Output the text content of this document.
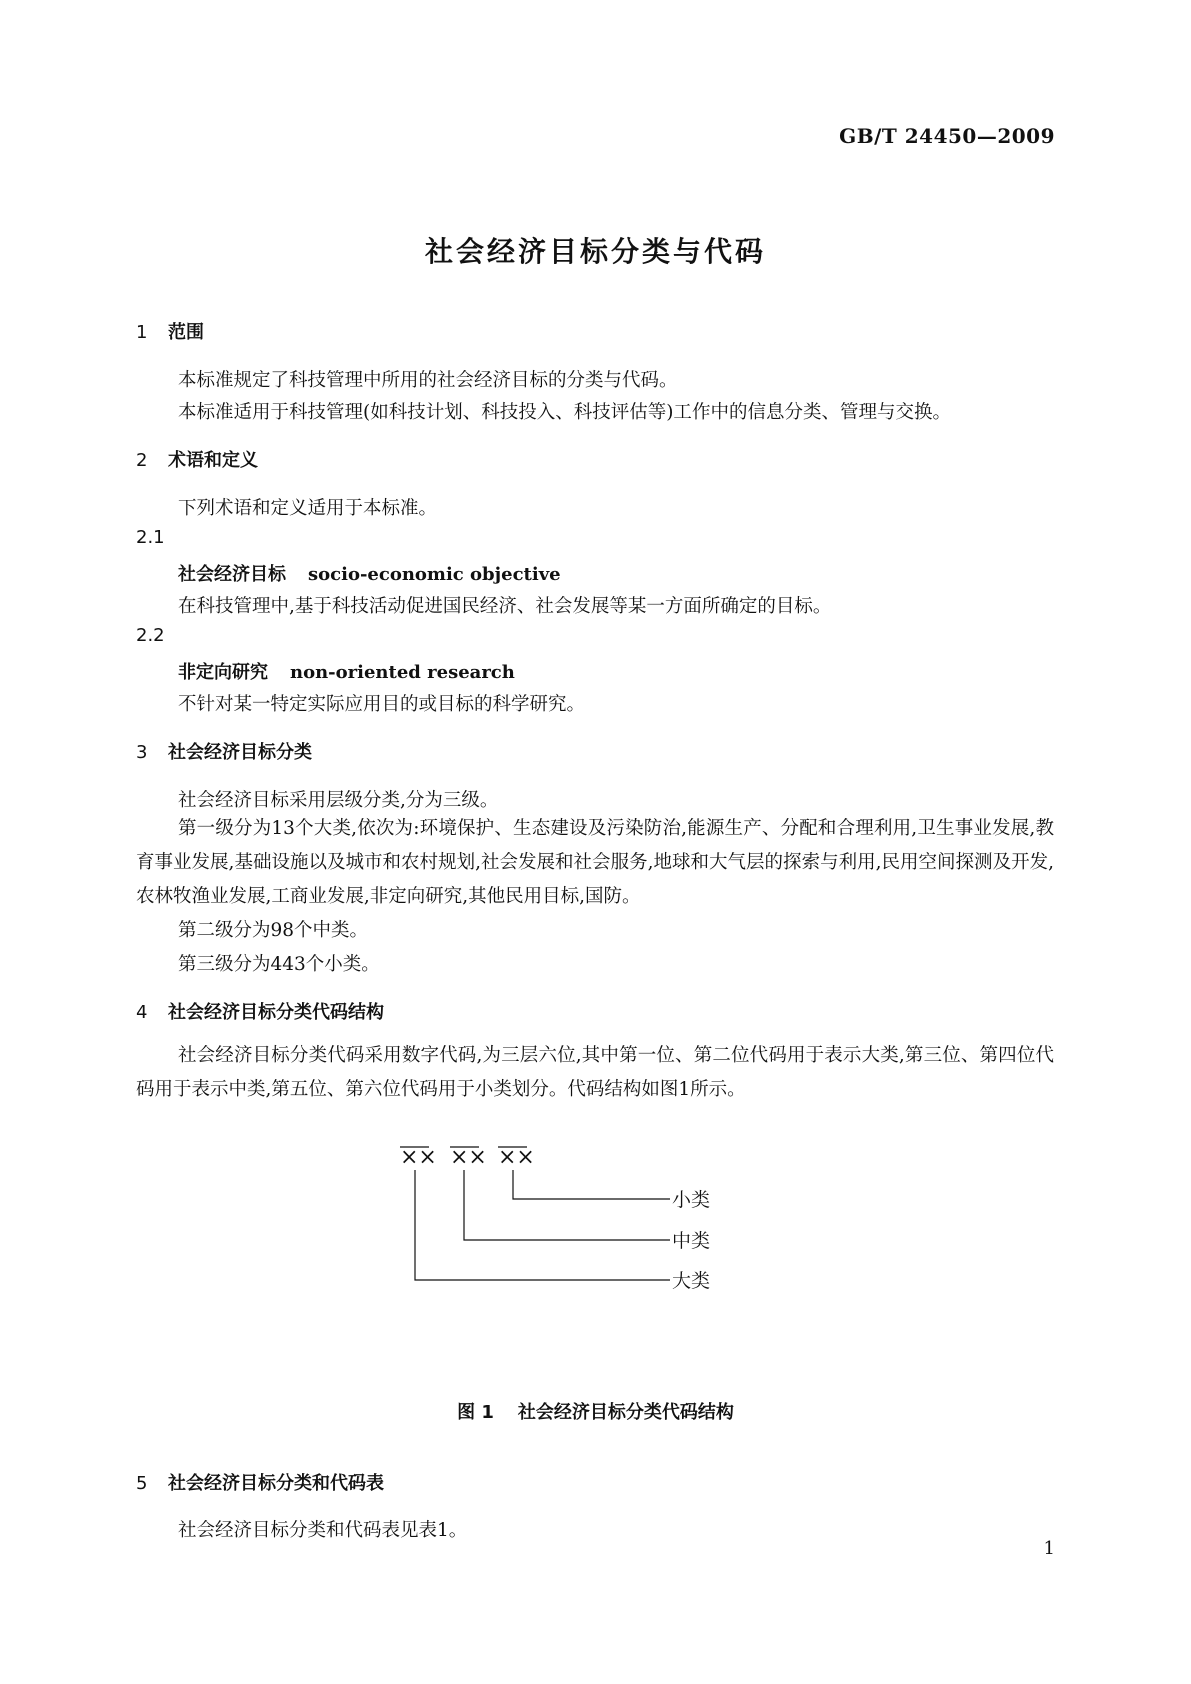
GB/T 24450—2009
社会经济目标分类与代码
1 范围
本标准规定了科技管理中所用的社会经济目标的分类与代码。
本标准适用于科技管理(如科技计划、科技投入、科技评估等)工作中的信息分类、管理与交换。
2 术语和定义
下列术语和定义适用于本标准。
2.1
社会经济目标 socio-economic objective
在科技管理中,基于科技活动促进国民经济、社会发展等某一方面所确定的目标。
2.2
非定向研究 non-oriented research
不针对某一特定实际应用目的或目标的科学研究。
3 社会经济目标分类
社会经济目标采用层级分类,分为三级。
第一级分为13个大类,依次为:环境保护、生态建设及污染防治,能源生产、分配和合理利用,卫生事业发展,教育事业发展,基础设施以及城市和农村规划,社会发展和社会服务,地球和大气层的探索与利用,民用空间探测及开发,农林牧渔业发展,工商业发展,非定向研究,其他民用目标,国防。
第二级分为98个中类。
第三级分为443个小类。
4 社会经济目标分类代码结构
社会经济目标分类代码采用数字代码,为三层六位,其中第一位、第二位代码用于表示大类,第三位、第四位代码用于表示中类,第五位、第六位代码用于小类划分。代码结构如图1所示。
×× ×× ××
小类
中类
大类
图 1 社会经济目标分类代码结构
5 社会经济目标分类和代码表
社会经济目标分类和代码表见表1。
1
